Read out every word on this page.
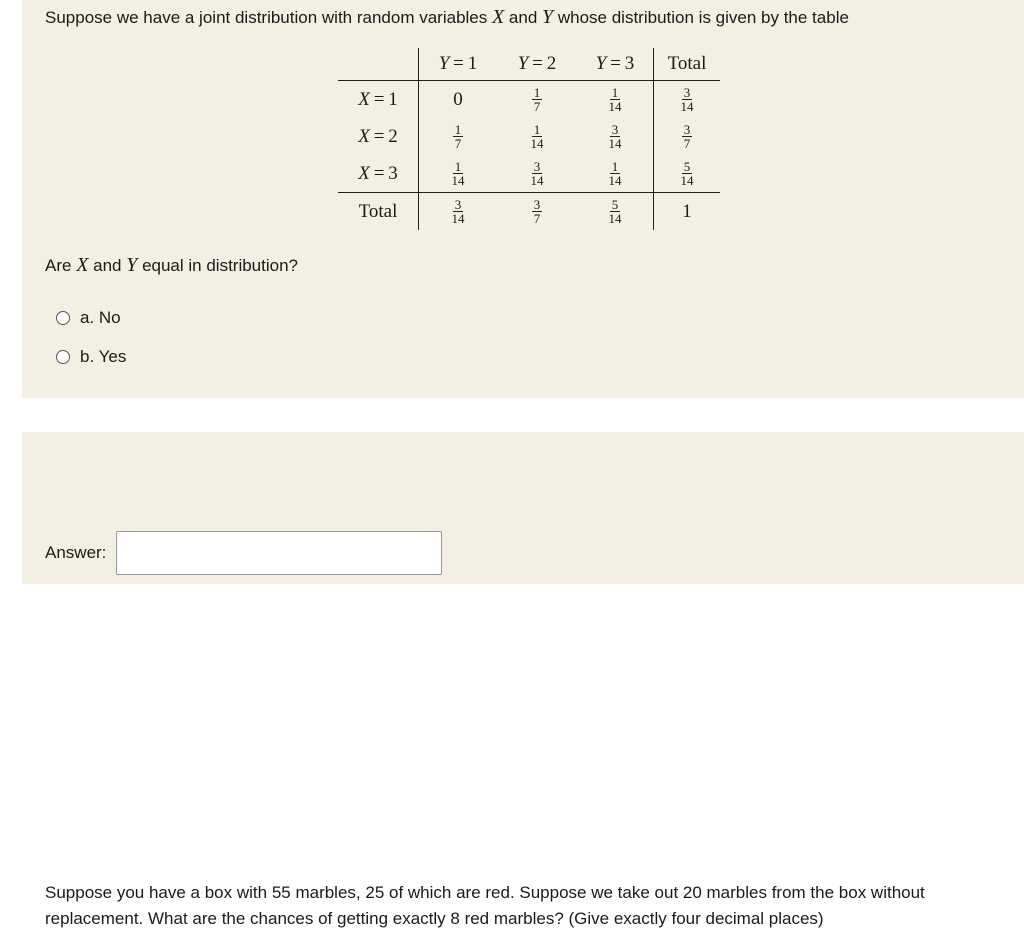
Suppose we have a joint distribution with random variables X and Y whose distribution is given by the table
	Y = 1	Y = 2	Y = 3	Total
X = 1	0	$\frac{1}{7}$	$\frac{1}{14}$	$\frac{3}{14}$

X = 2	$\frac{1}{7}$	$\frac{1}{14}$	$\frac{3}{14}$	$\frac{3}{7}$

X = 3	$\frac{1}{14}$	$\frac{3}{14}$	$\frac{1}{14}$	$\frac{5}{14}$

Total	$\frac{3}{14}$	$\frac{3}{7}$	$\frac{5}{14}$	1
Are X and Y equal in distribution?
a. No
b. Yes
Suppose you have a box with 55 marbles, 25 of which are red. Suppose we take out 20 marbles from the box without replacement. What are the chances of getting exactly 8 red marbles? (Give exactly four decimal places)
Answer:
